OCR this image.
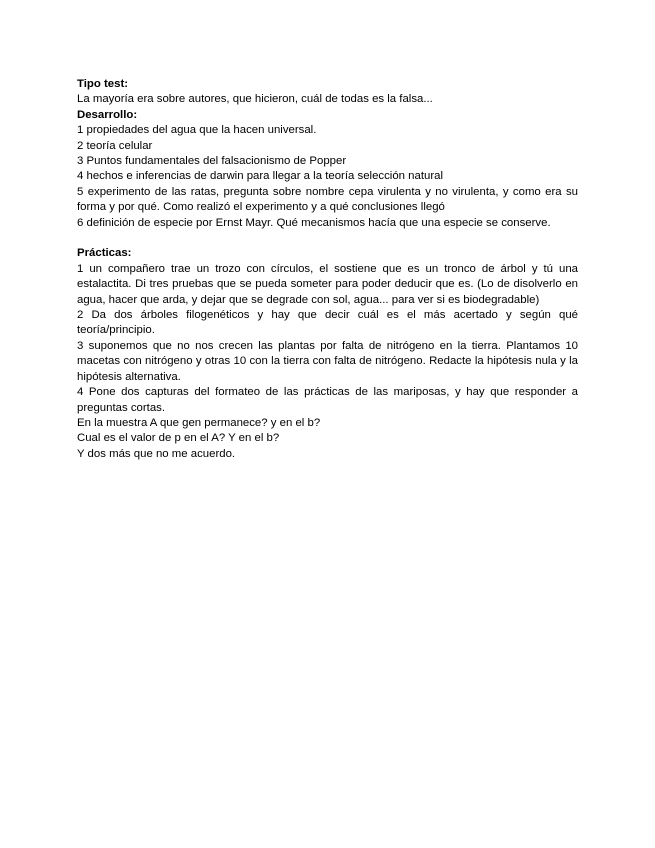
Tipo test:

La mayoría era sobre autores, que hicieron, cuál de todas es la falsa...

Desarrollo:

1 propiedades del agua que la hacen universal.

2 teoría celular

3 Puntos fundamentales del falsacionismo de Popper

4 hechos e inferencias de darwin para llegar a la teoría selección natural

5 experimento de las ratas, pregunta sobre nombre cepa virulenta y no virulenta, y como era su forma y por qué. Como realizó el experimento y a qué conclusiones llegó

6 definición de especie por Ernst Mayr. Qué mecanismos hacía que una especie se conserve.

Prácticas:

1 un compañero trae un trozo con círculos, el sostiene que es un tronco de árbol y tú una estalactita. Di tres pruebas que se pueda someter para poder deducir que es. (Lo de disolverlo en agua, hacer que arda, y dejar que se degrade con sol, agua... para ver si es biodegradable)

2 Da dos árboles filogenéticos y hay que decir cuál es el más acertado y según qué teoría/principio.

3 suponemos que no nos crecen las plantas por falta de nitrógeno en la tierra. Plantamos 10 macetas con nitrógeno y otras 10 con la tierra con falta de nitrógeno. Redacte la hipótesis nula y la hipótesis alternativa.

4 Pone dos capturas del formateo de las prácticas de las mariposas, y hay que responder a preguntas cortas.

En la muestra A que gen permanece? y en el b?

Cual es el valor de p en el A? Y en el b?

Y dos más que no me acuerdo.
